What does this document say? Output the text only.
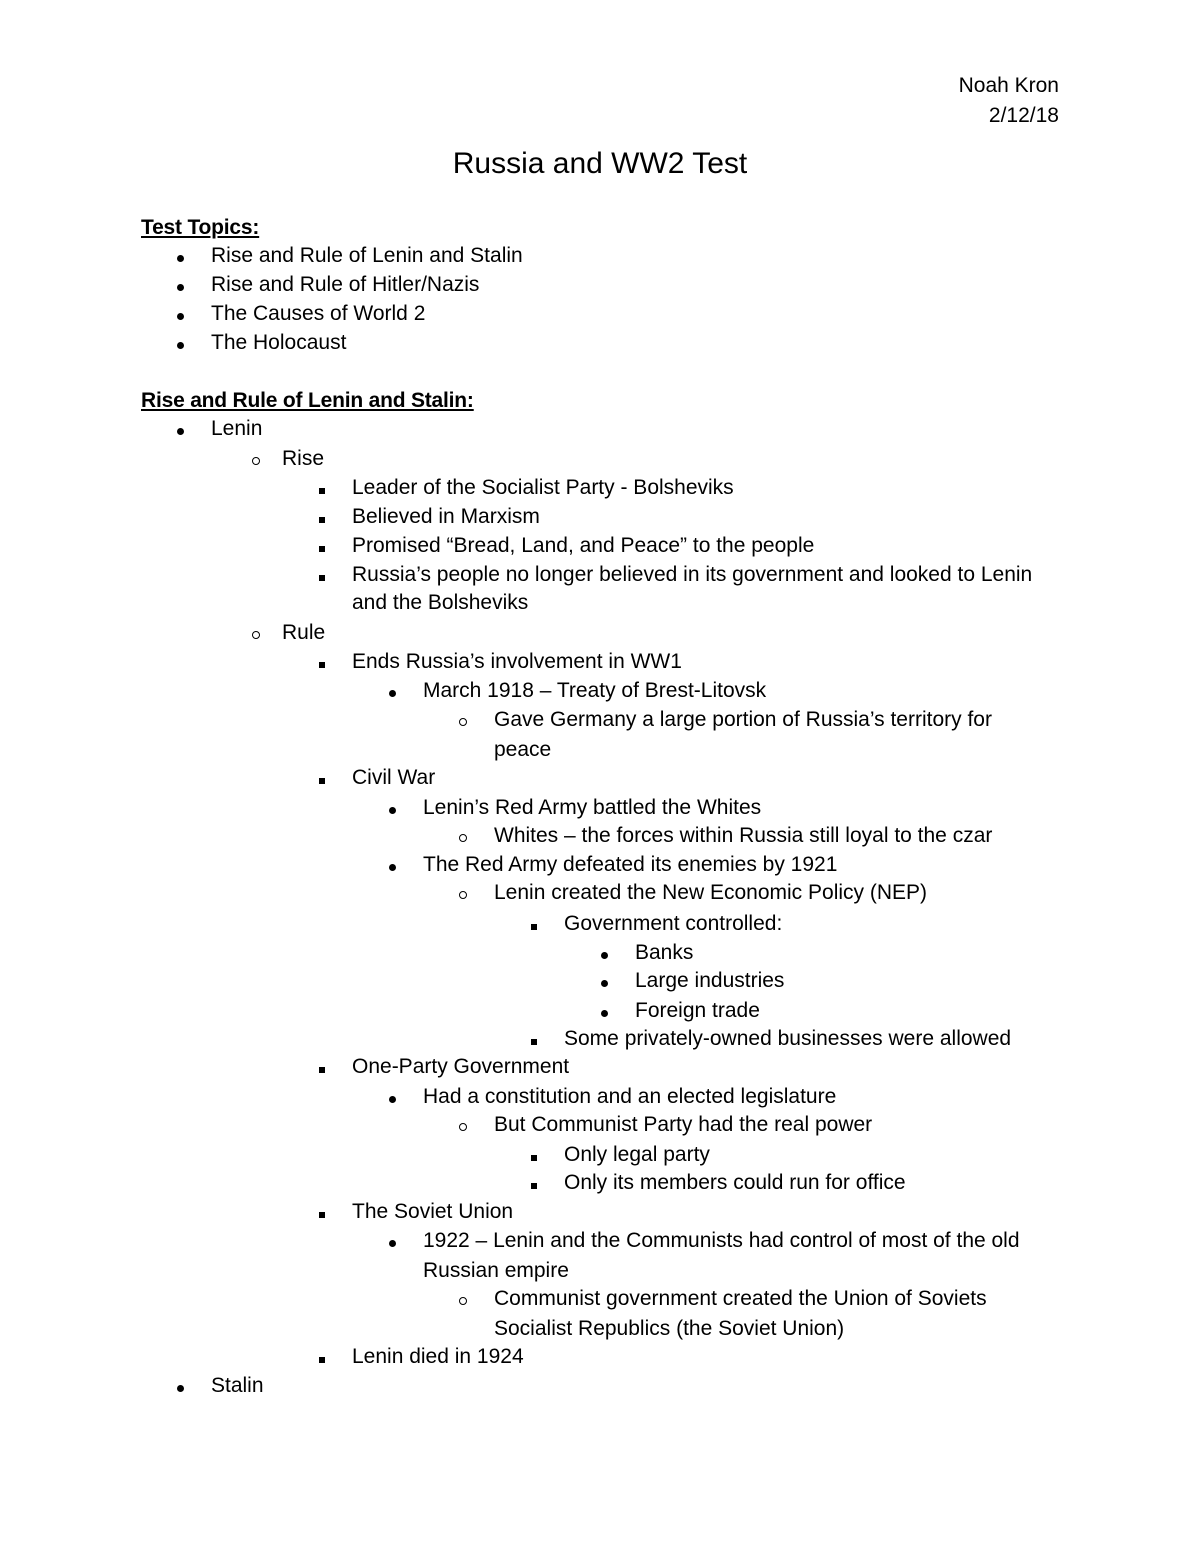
Noah Kron
2/12/18
Russia and WW2 Test
Test Topics:
Rise and Rule of Lenin and Stalin
Rise and Rule of Hitler/Nazis
The Causes of World 2
The Holocaust
Rise and Rule of Lenin and Stalin:
Lenin
Rise
Leader of the Socialist Party - Bolsheviks
Believed in Marxism
Promised “Bread, Land, and Peace” to the people
Russia’s people no longer believed in its government and looked to Lenin
and the Bolsheviks
Rule
Ends Russia’s involvement in WW1
March 1918 – Treaty of Brest-Litovsk
Gave Germany a large portion of Russia’s territory for
peace
Civil War
Lenin’s Red Army battled the Whites
Whites – the forces within Russia still loyal to the czar
The Red Army defeated its enemies by 1921
Lenin created the New Economic Policy (NEP)
Government controlled:
Banks
Large industries
Foreign trade
Some privately-owned businesses were allowed
One-Party Government
Had a constitution and an elected legislature
But Communist Party had the real power
Only legal party
Only its members could run for office
The Soviet Union
1922 – Lenin and the Communists had control of most of the old
Russian empire
Communist government created the Union of Soviets
Socialist Republics (the Soviet Union)
Lenin died in 1924
Stalin
